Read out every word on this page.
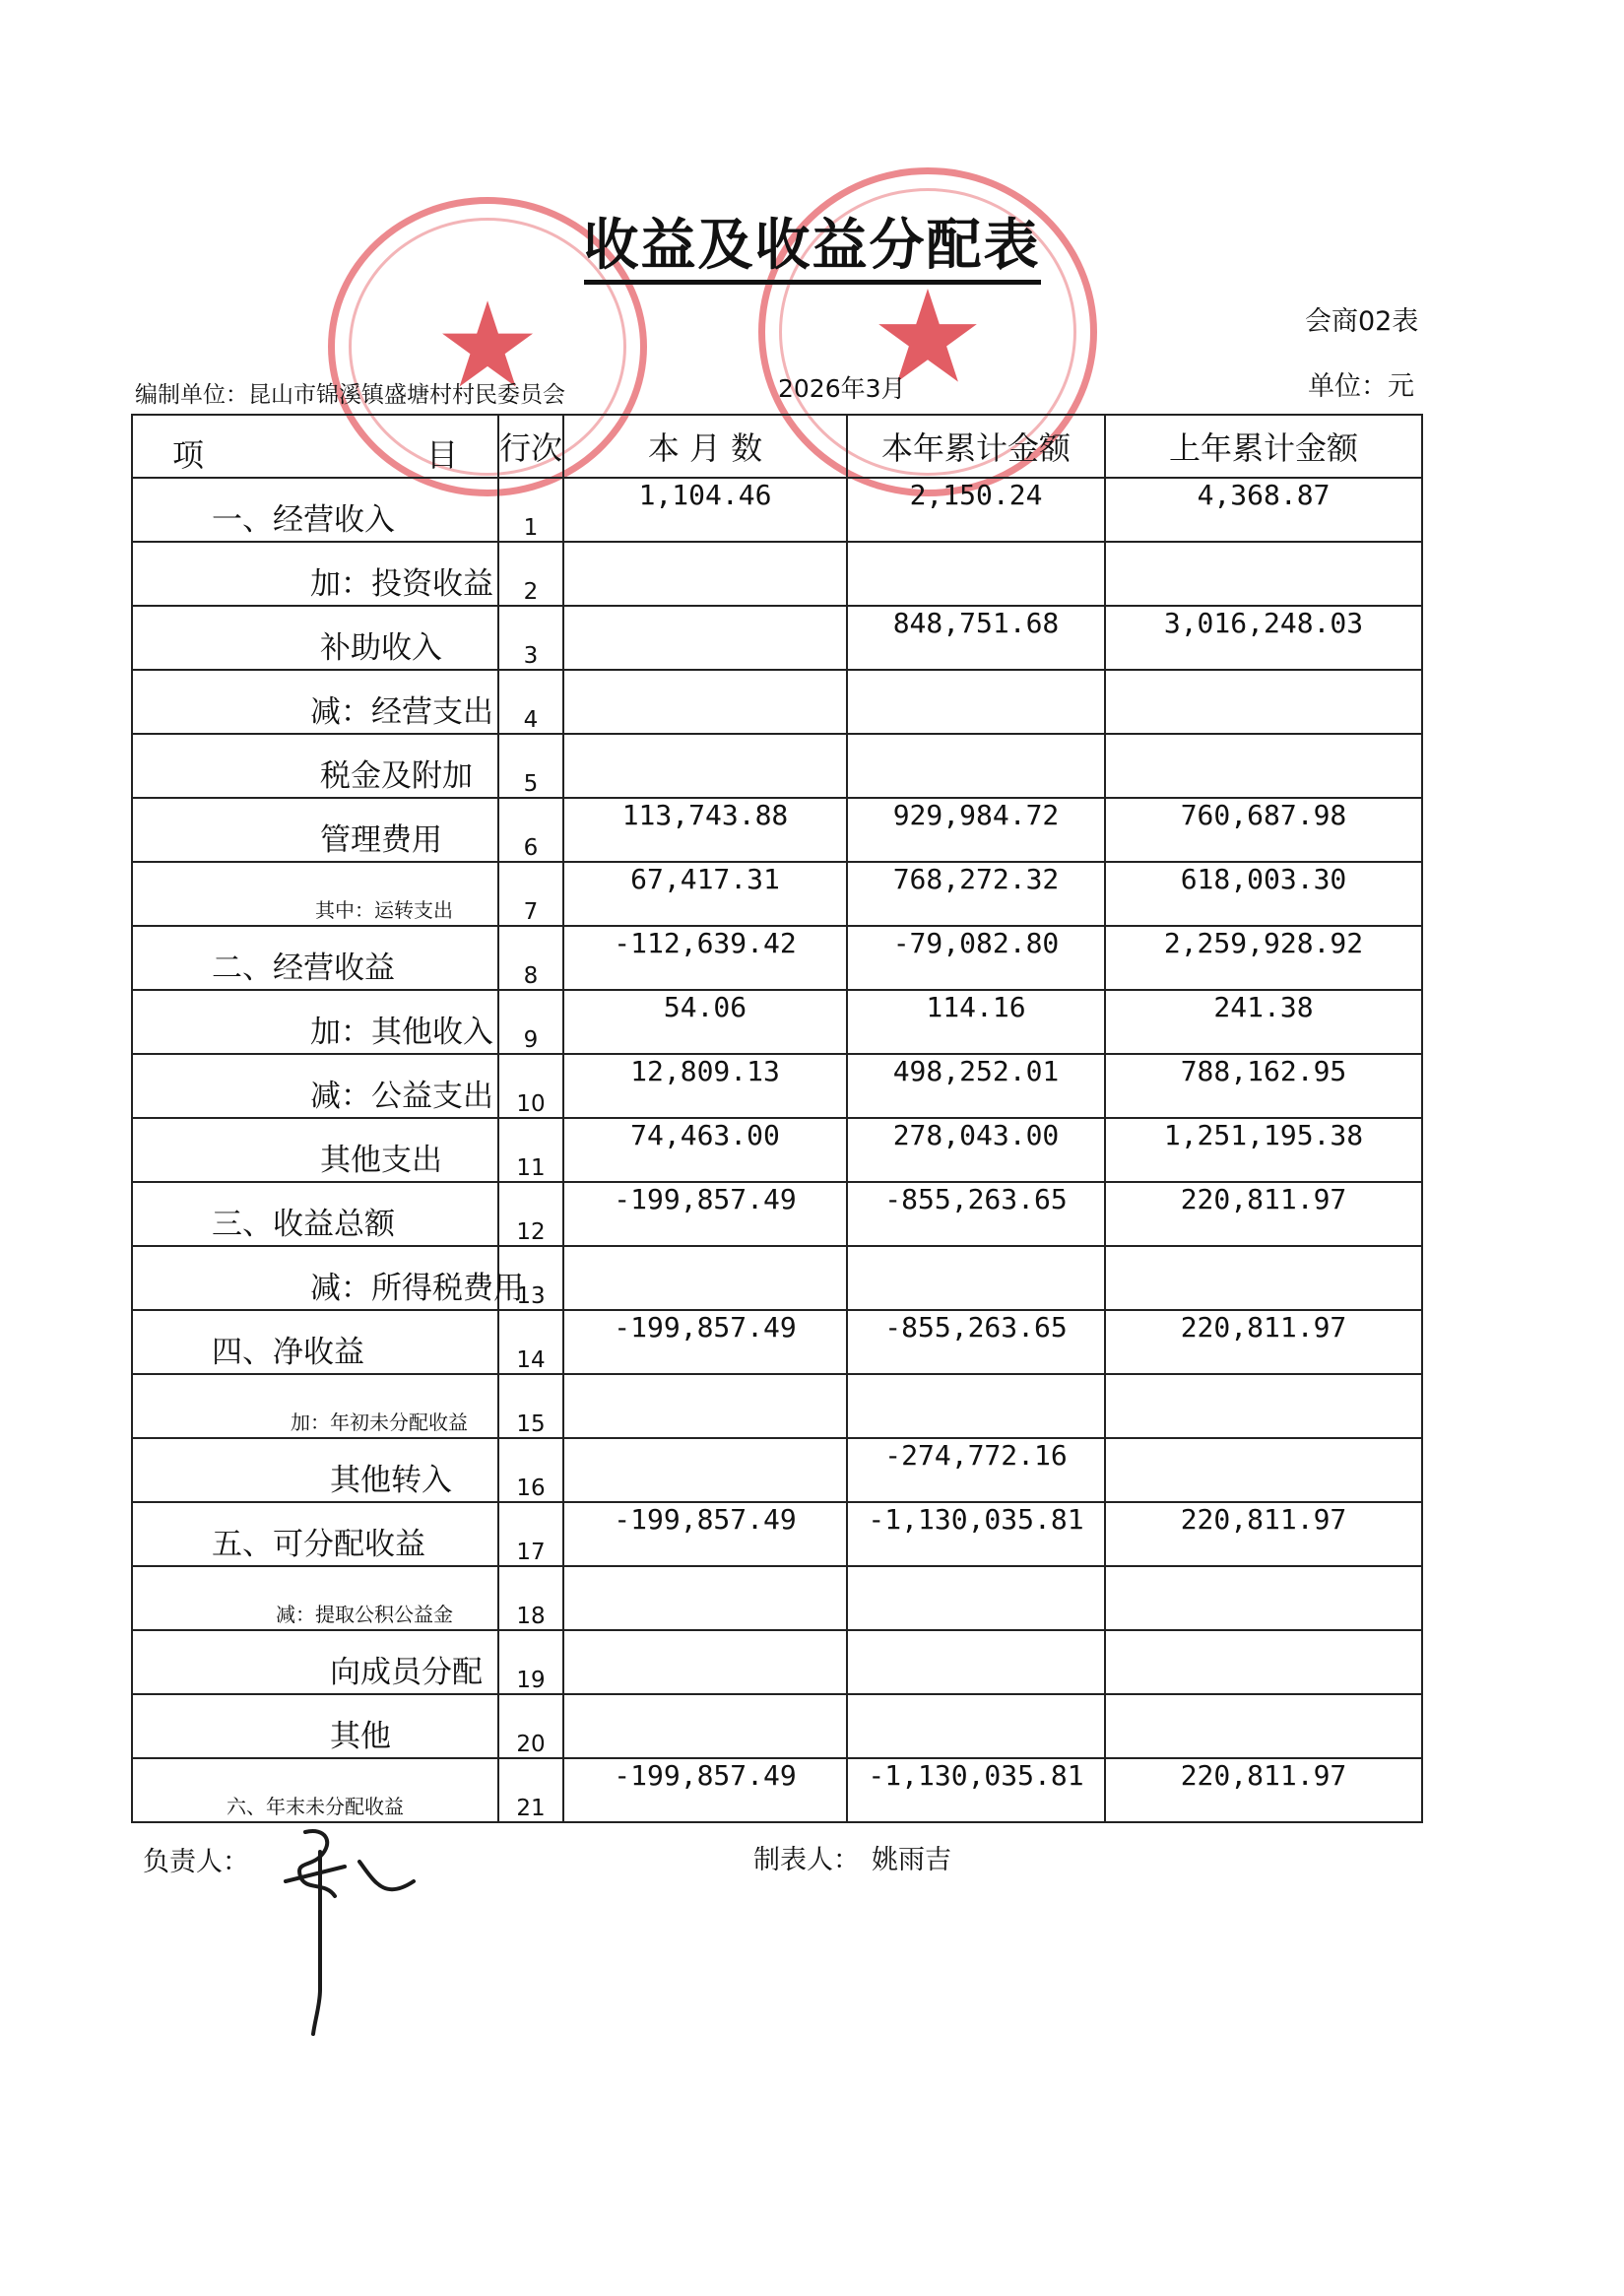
★	★
收益及收益分配表
会商02表
单位：元
编制单位：昆山市锦溪镇盛塘村村民委员会	2026年3月
项 目	行次	本 月 数	本年累计金额	上年累计金额

一、经营收入	1	1,104.46	2,150.24	4,368.87

加：投资收益	2			

补助收入	3		848,751.68	3,016,248.03

减：经营支出	4			

税金及附加	5			

管理费用	6	113,743.88	929,984.72	760,687.98

其中：运转支出	7	67,417.31	768,272.32	618,003.30

二、经营收益	8	-112,639.42	-79,082.80	2,259,928.92

加：其他收入	9	54.06	114.16	241.38

减：公益支出	10	12,809.13	498,252.01	788,162.95

其他支出	11	74,463.00	278,043.00	1,251,195.38

三、收益总额	12	-199,857.49	-855,263.65	220,811.97

减：所得税费用	13			

四、净收益	14	-199,857.49	-855,263.65	220,811.97

加：年初未分配收益	15			

其他转入	16		-274,772.16	

五、可分配收益	17	-199,857.49	-1,130,035.81	220,811.97

减：提取公积公益金	18			

向成员分配	19			

其他	20			

六、年末未分配收益	21	-199,857.49	-1,130,035.81	220,811.97
负责人：	制表人： 姚雨吉
